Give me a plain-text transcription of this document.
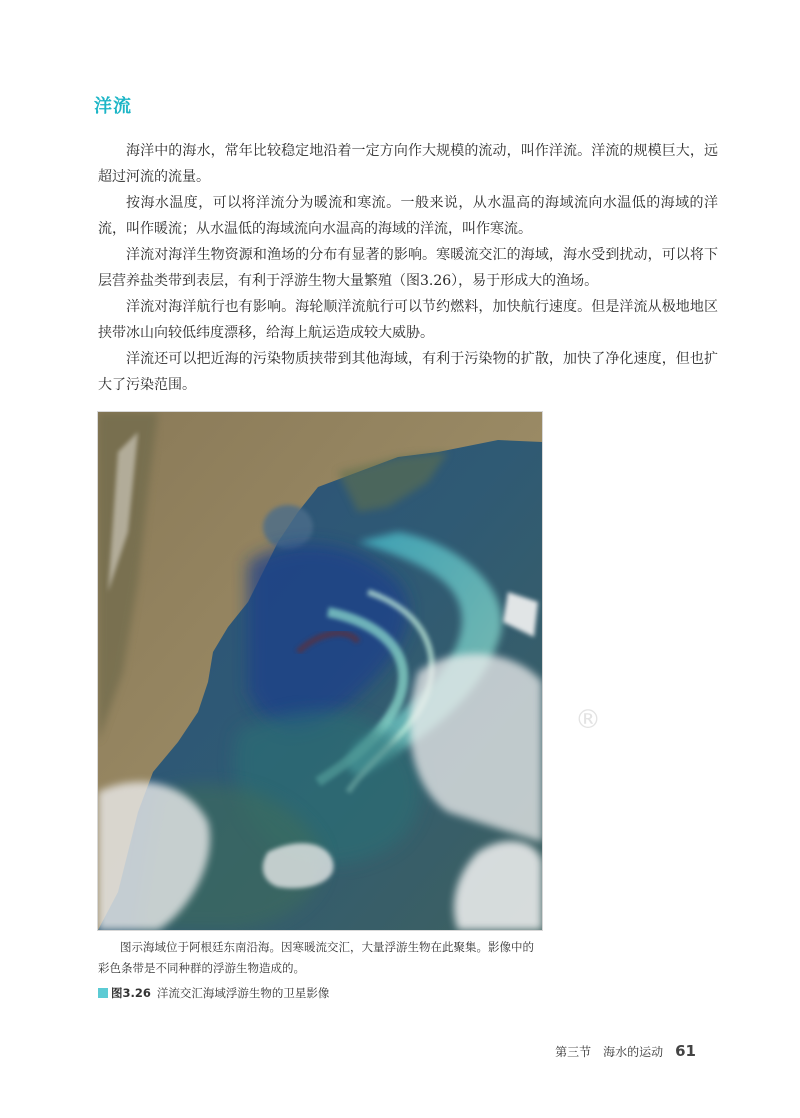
洋流

海洋中的海水，常年比较稳定地沿着一定方向作大规模的流动，叫作洋流。洋流的规模巨大，远超过河流的流量。

按海水温度，可以将洋流分为暖流和寒流。一般来说，从水温高的海域流向水温低的海域的洋流，叫作暖流；从水温低的海域流向水温高的海域的洋流，叫作寒流。

洋流对海洋生物资源和渔场的分布有显著的影响。寒暖流交汇的海域，海水受到扰动，可以将下层营养盐类带到表层，有利于浮游生物大量繁殖（图3.26），易于形成大的渔场。

洋流对海洋航行也有影响。海轮顺洋流航行可以节约燃料，加快航行速度。但是洋流从极地地区挟带冰山向较低纬度漂移，给海上航运造成较大威胁。

洋流还可以把近海的污染物质挟带到其他海域，有利于污染物的扩散，加快了净化速度，但也扩大了污染范围。

®
图示海域位于阿根廷东南沿海。因寒暖流交汇，大量浮游生物在此聚集。影像中的彩色条带是不同种群的浮游生物造成的。
图3.26 洋流交汇海域浮游生物的卫星影像
第三节　海水的运动 61
